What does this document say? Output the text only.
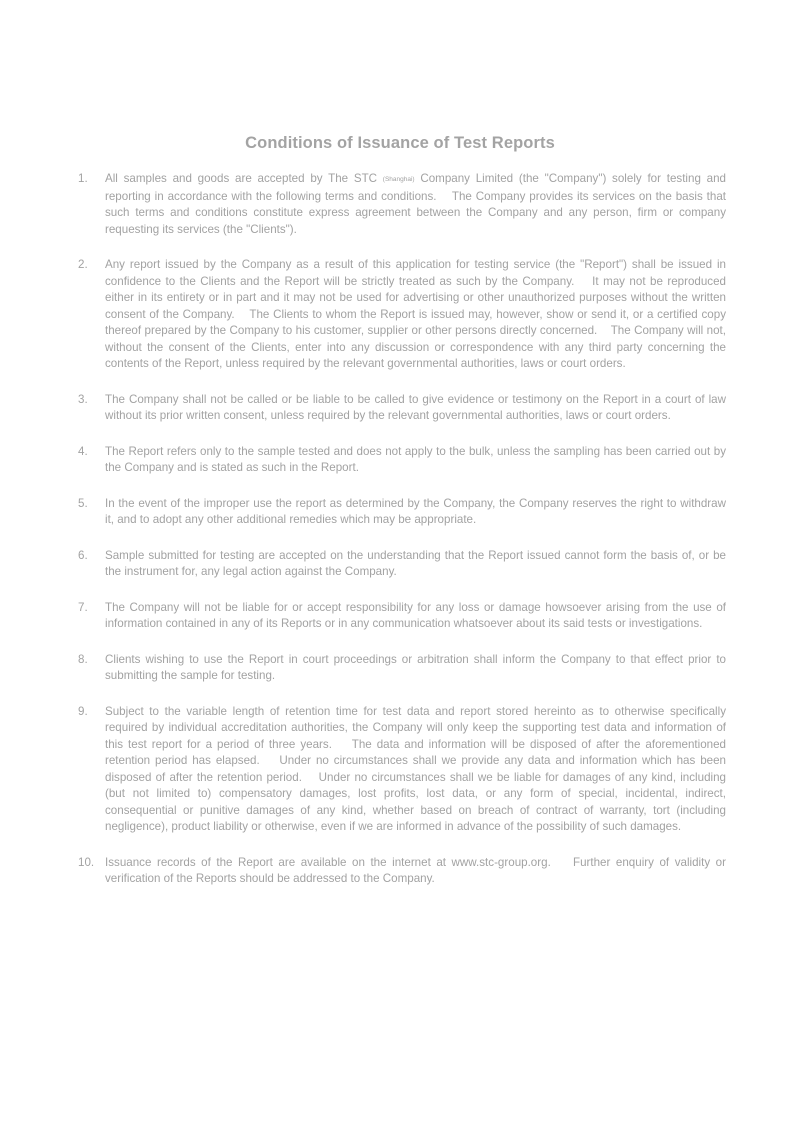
Conditions of Issuance of Test Reports
1.	All samples and goods are accepted by The STC (Shanghai) Company Limited (the "Company") solely for testing and reporting in accordance with the following terms and conditions.    The Company provides its services on the basis that such terms and conditions constitute express agreement between the Company and any person, firm or company requesting its services (the "Clients").
2.	Any report issued by the Company as a result of this application for testing service (the "Report") shall be issued in confidence to the Clients and the Report will be strictly treated as such by the Company.    It may not be reproduced either in its entirety or in part and it may not be used for advertising or other unauthorized purposes without the written consent of the Company.    The Clients to whom the Report is issued may, however, show or send it, or a certified copy thereof prepared by the Company to his customer, supplier or other persons directly concerned.    The Company will not, without the consent of the Clients, enter into any discussion or correspondence with any third party concerning the contents of the Report, unless required by the relevant governmental authorities, laws or court orders.
3.	The Company shall not be called or be liable to be called to give evidence or testimony on the Report in a court of law without its prior written consent, unless required by the relevant governmental authorities, laws or court orders.
4.	The Report refers only to the sample tested and does not apply to the bulk, unless the sampling has been carried out by the Company and is stated as such in the Report.
5.	In the event of the improper use the report as determined by the Company, the Company reserves the right to withdraw it, and to adopt any other additional remedies which may be appropriate.
6.	Sample submitted for testing are accepted on the understanding that the Report issued cannot form the basis of, or be the instrument for, any legal action against the Company.
7.	The Company will not be liable for or accept responsibility for any loss or damage howsoever arising from the use of information contained in any of its Reports or in any communication whatsoever about its said tests or investigations.
8.	Clients wishing to use the Report in court proceedings or arbitration shall inform the Company to that effect prior to submitting the sample for testing.
9.	Subject to the variable length of retention time for test data and report stored hereinto as to otherwise specifically required by individual accreditation authorities, the Company will only keep the supporting test data and information of this test report for a period of three years.    The data and information will be disposed of after the aforementioned retention period has elapsed.    Under no circumstances shall we provide any data and information which has been disposed of after the retention period.    Under no circumstances shall we be liable for damages of any kind, including (but not limited to) compensatory damages, lost profits, lost data, or any form of special, incidental, indirect, consequential or punitive damages of any kind, whether based on breach of contract of warranty, tort (including negligence), product liability or otherwise, even if we are informed in advance of the possibility of such damages.
10. Issuance records of the Report are available on the internet at www.stc-group.org.    Further enquiry of validity or verification of the Reports should be addressed to the Company.
